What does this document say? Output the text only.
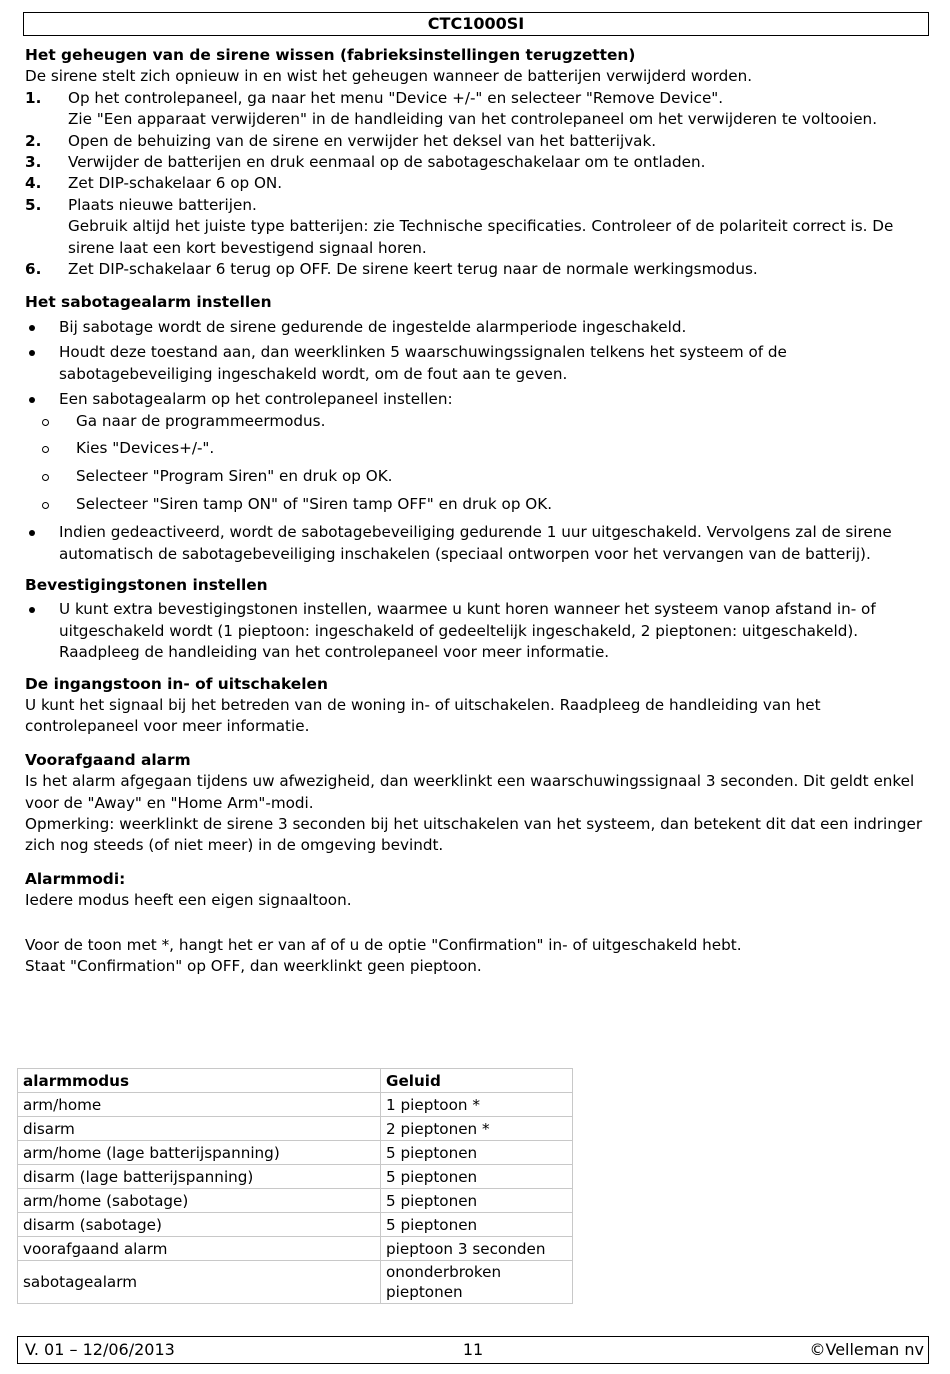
CTC1000SI
Het geheugen van de sirene wissen (fabrieksinstellingen terugzetten)

De sirene stelt zich opnieuw in en wist het geheugen wanneer de batterijen verwijderd worden.

1. Op het controlepaneel, ga naar het menu "Device +/-" en selecteer "Remove Device".
Zie "Een apparaat verwijderen" in de handleiding van het controlepaneel om het verwijderen te voltooien.
2. Open de behuizing van de sirene en verwijder het deksel van het batterijvak.
3. Verwijder de batterijen en druk eenmaal op de sabotageschakelaar om te ontladen.
4. Zet DIP-schakelaar 6 op ON.
5. Plaats nieuwe batterijen.
Gebruik altijd het juiste type batterijen: zie Technische specificaties. Controleer of de polariteit correct is. De sirene laat een kort bevestigend signaal horen.
6. Zet DIP-schakelaar 6 terug op OFF. De sirene keert terug naar de normale werkingsmodus.
Het sabotagealarm instellen
Bij sabotage wordt de sirene gedurende de ingestelde alarmperiode ingeschakeld.
Houdt deze toestand aan, dan weerklinken 5 waarschuwingssignalen telkens het systeem of de sabotagebeveiliging ingeschakeld wordt, om de fout aan te geven.
Een sabotagealarm op het controlepaneel instellen:
Ga naar de programmeermodus.
Kies "Devices+/-".
Selecteer "Program Siren" en druk op OK.
Selecteer "Siren tamp ON" of "Siren tamp OFF" en druk op OK.
Indien gedeactiveerd, wordt de sabotagebeveiliging gedurende 1 uur uitgeschakeld. Vervolgens zal de sirene automatisch de sabotagebeveiliging inschakelen (speciaal ontworpen voor het vervangen van de batterij).
Bevestigingstonen instellen
U kunt extra bevestigingstonen instellen, waarmee u kunt horen wanneer het systeem vanop afstand in- of uitgeschakeld wordt (1 pieptoon: ingeschakeld of gedeeltelijk ingeschakeld, 2 pieptonen: uitgeschakeld). Raadpleeg de handleiding van het controlepaneel voor meer informatie.
De ingangstoon in- of uitschakelen

U kunt het signaal bij het betreden van de woning in- of uitschakelen. Raadpleeg de handleiding van het controlepaneel voor meer informatie.

Voorafgaand alarm

Is het alarm afgegaan tijdens uw afwezigheid, dan weerklinkt een waarschuwingssignaal 3 seconden. Dit geldt enkel voor de "Away" en "Home Arm"-modi.

Opmerking: weerklinkt de sirene 3 seconden bij het uitschakelen van het systeem, dan betekent dit dat een indringer zich nog steeds (of niet meer) in de omgeving bevindt.

Alarmmodi:

Iedere modus heeft een eigen signaaltoon.

Voor de toon met *, hangt het er van af of u de optie "Confirmation" in- of uitgeschakeld hebt.

Staat "Confirmation" op OFF, dan weerklinkt geen pieptoon.

alarmmodus	Geluid
arm/home	1 pieptoon *
disarm	2 pieptonen *
arm/home (lage batterijspanning)	5 pieptonen
disarm (lage batterijspanning)	5 pieptonen
arm/home (sabotage)	5 pieptonen
disarm (sabotage)	5 pieptonen
voorafgaand alarm	pieptoon 3 seconden
sabotagealarm	ononderbroken pieptonen
V. 01 – 12/06/2013	11	©Velleman nv
